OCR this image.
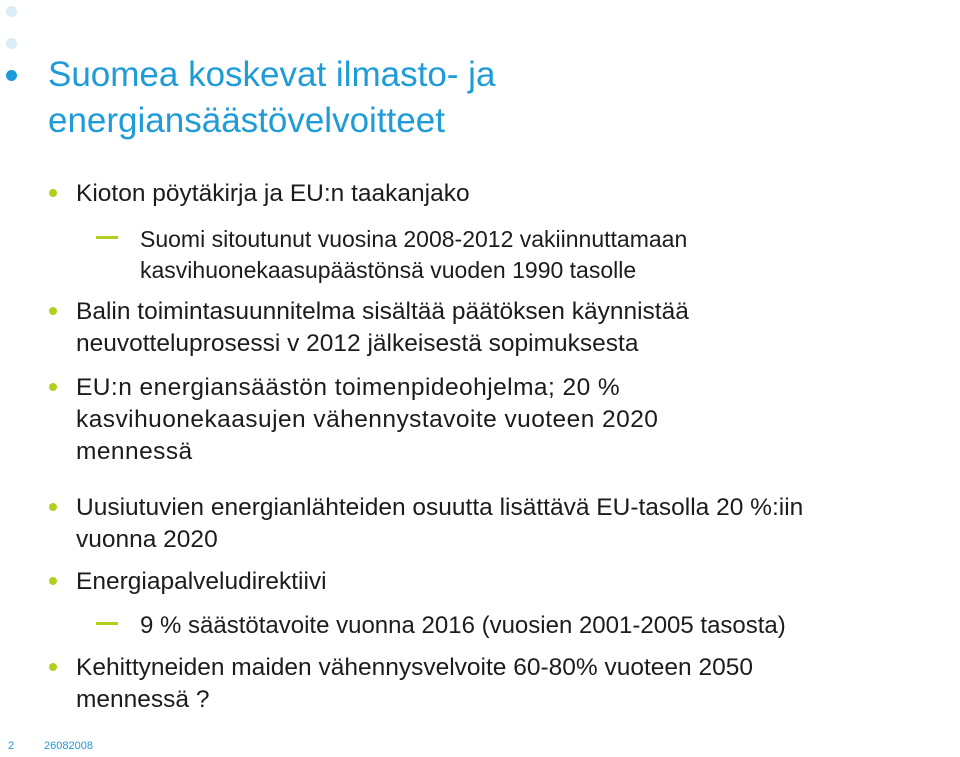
Suomea koskevat ilmasto- ja
energiansäästövelvoitteet
Kioton pöytäkirja ja EU:n taakanjako
Suomi sitoutunut vuosina 2008-2012 vakiinnuttamaan
kasvihuonekaasupäästönsä vuoden 1990 tasolle
Balin toimintasuunnitelma sisältää päätöksen käynnistää
neuvotteluprosessi v 2012 jälkeisestä sopimuksesta
EU:n energiansäästön toimenpideohjelma; 20 %
kasvihuonekaasujen vähennystavoite vuoteen 2020
mennessä
Uusiutuvien energianlähteiden osuutta lisättävä EU-tasolla 20 %:iin
vuonna 2020
Energiapalveludirektiivi
9 % säästötavoite vuonna 2016 (vuosien 2001-2005 tasosta)
Kehittyneiden maiden vähennysvelvoite 60-80% vuoteen 2050
mennessä ?
2	26082008
